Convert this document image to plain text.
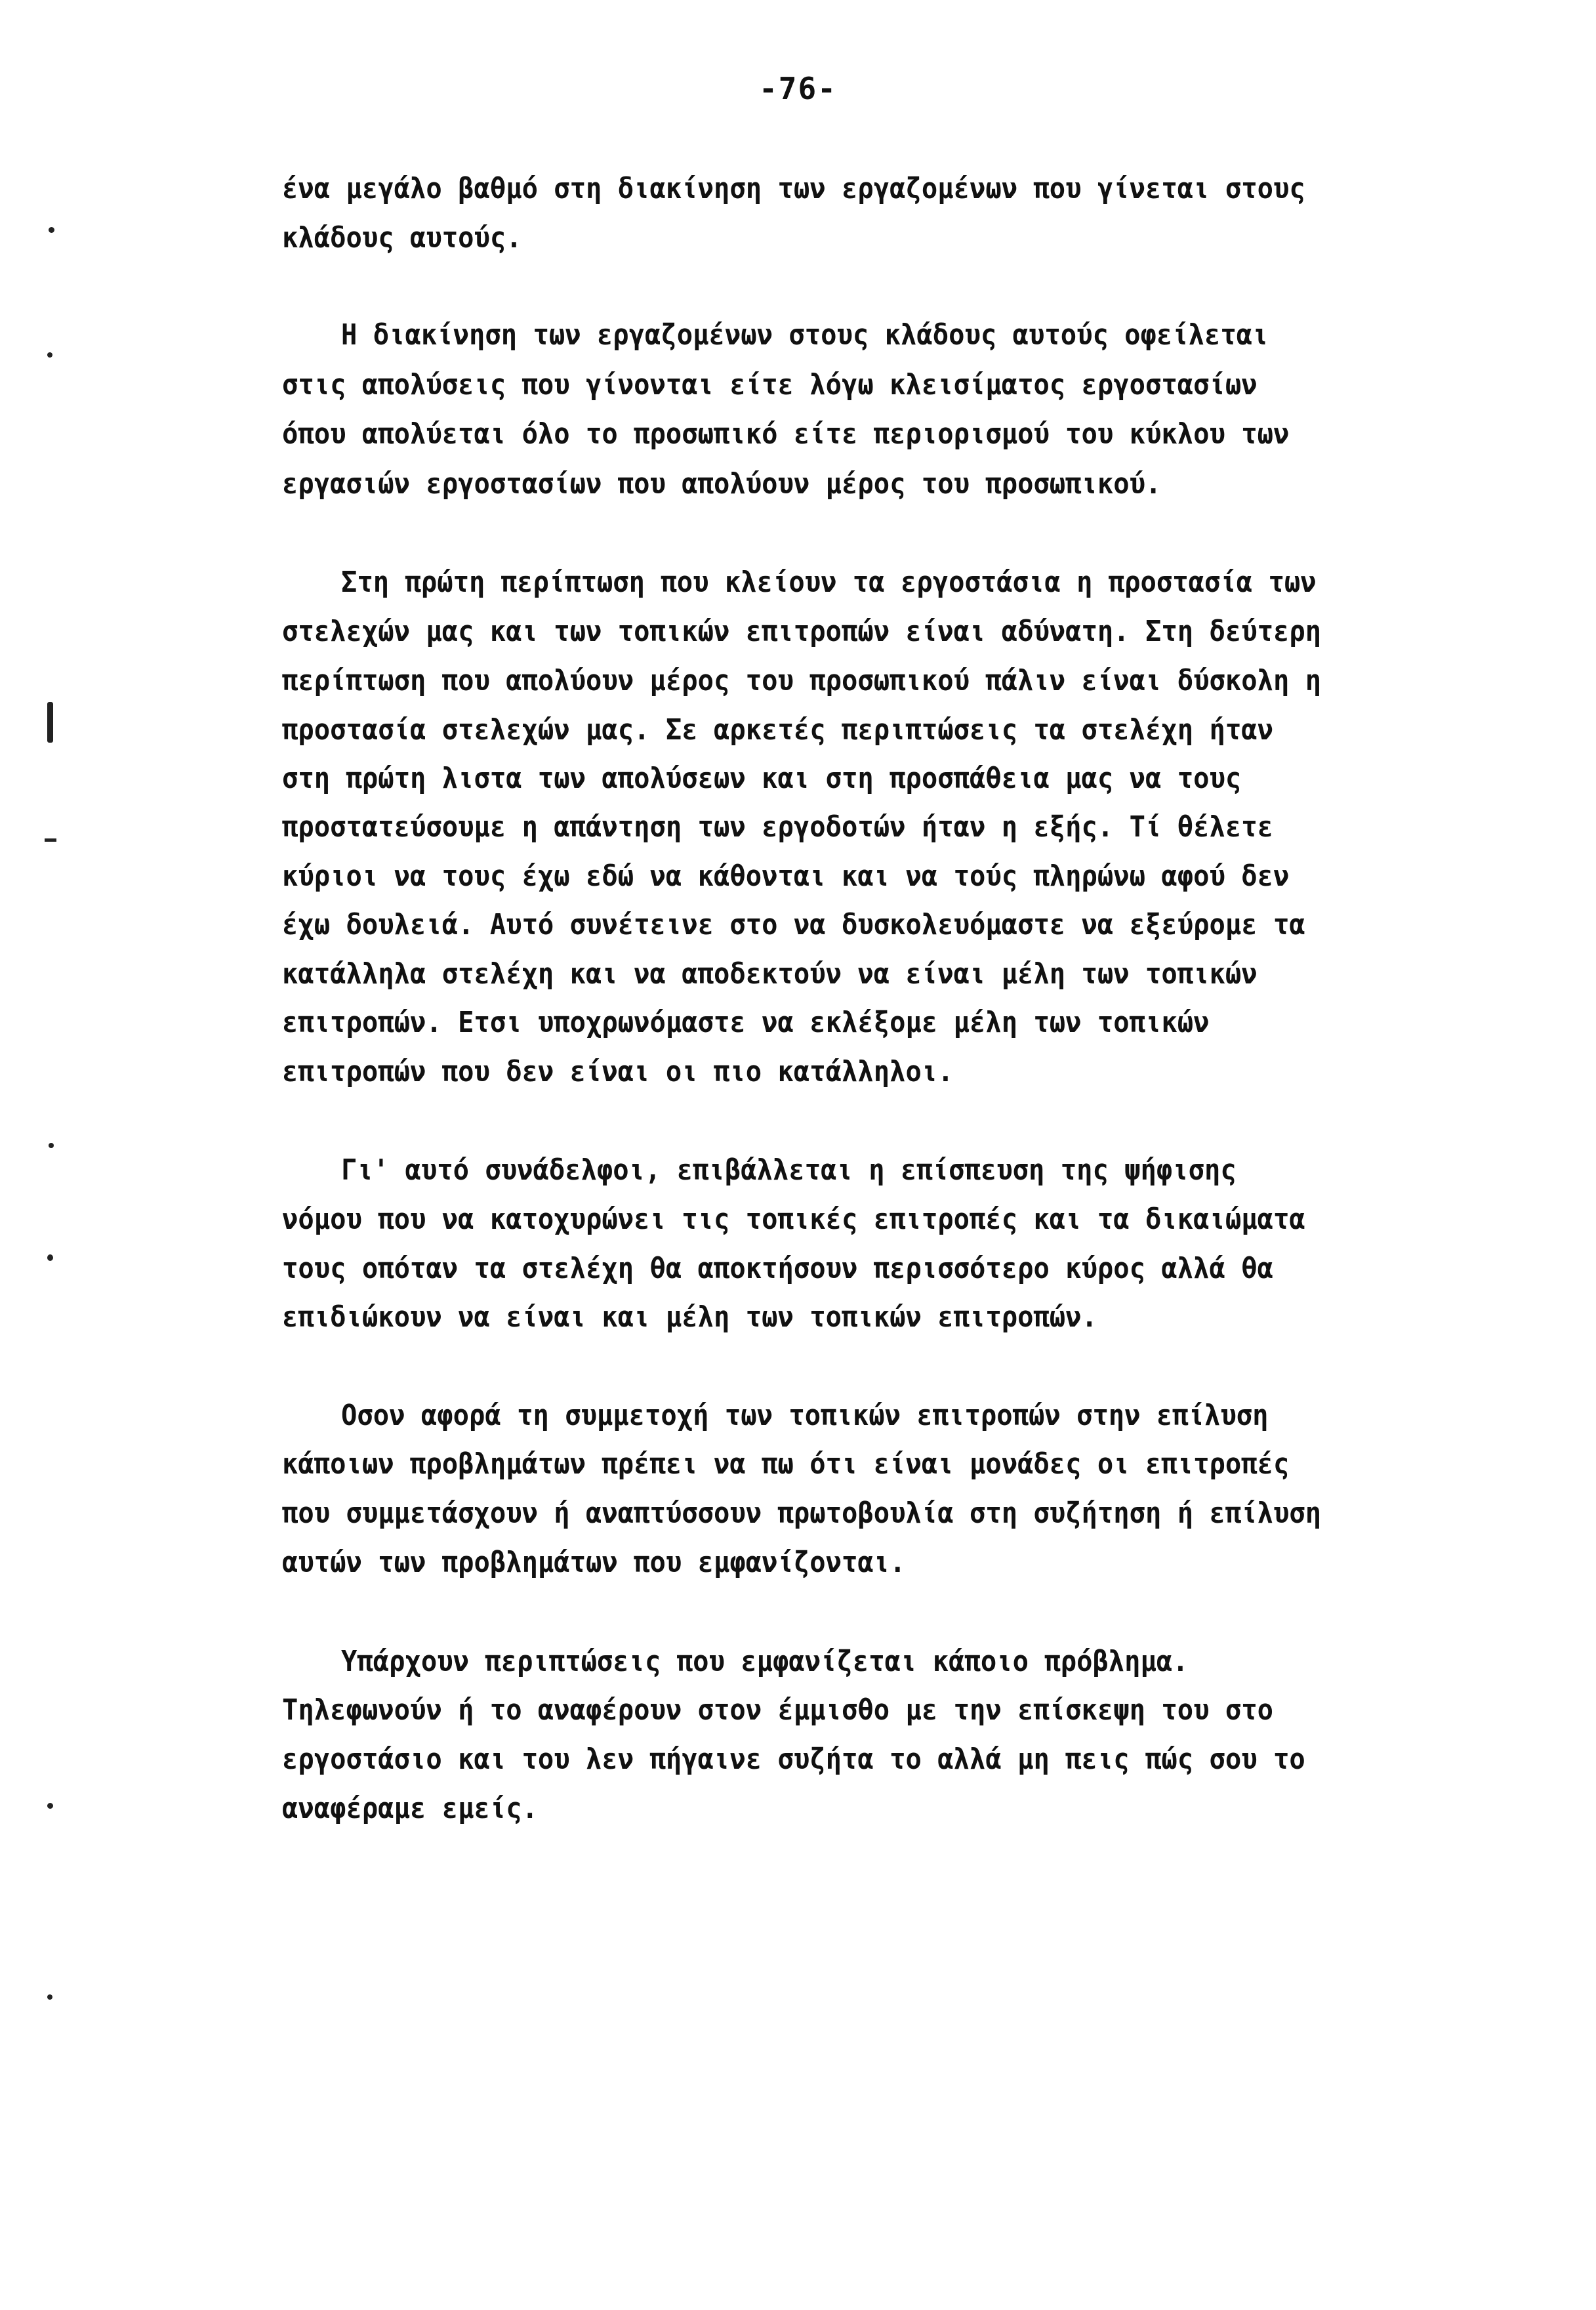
-76-
ένα μεγάλο βαθμό στη διακίνηση των εργαζομένων που γίνεται στους
κλάδους αυτούς.
Η διακίνηση των εργαζομένων στους κλάδους αυτούς οφείλεται
στις απολύσεις που γίνονται είτε λόγω κλεισίματος εργοστασίων
όπου απολύεται όλο το προσωπικό είτε περιορισμού του κύκλου των
εργασιών εργοστασίων που απολύουν μέρος του προσωπικού.
Στη πρώτη περίπτωση που κλείουν τα εργοστάσια η προστασία των
στελεχών μας και των τοπικών επιτροπών είναι αδύνατη. Στη δεύτερη
περίπτωση που απολύουν μέρος του προσωπικού πάλιν είναι δύσκολη η
προστασία στελεχών μας. Σε αρκετές περιπτώσεις τα στελέχη ήταν
στη πρώτη λιστα των απολύσεων και στη προσπάθεια μας να τους
προστατεύσουμε η απάντηση των εργοδοτών ήταν η εξής. Τί θέλετε
κύριοι να τους έχω εδώ να κάθονται και να τούς πληρώνω αφού δεν
έχω δουλειά. Αυτό συνέτεινε στο να δυσκολευόμαστε να εξεύρομε τα
κατάλληλα στελέχη και να αποδεκτούν να είναι μέλη των τοπικών
επιτροπών. Ετσι υποχρωνόμαστε να εκλέξομε μέλη των τοπικών
επιτροπών που δεν είναι οι πιο κατάλληλοι.
Γι' αυτό συνάδελφοι, επιβάλλεται η επίσπευση της ψήφισης
νόμου που να κατοχυρώνει τις τοπικές επιτροπές και τα δικαιώματα
τους οπόταν τα στελέχη θα αποκτήσουν περισσότερο κύρος αλλά θα
επιδιώκουν να είναι και μέλη των τοπικών επιτροπών.
Οσον αφορά τη συμμετοχή των τοπικών επιτροπών στην επίλυση
κάποιων προβλημάτων πρέπει να πω ότι είναι μονάδες οι επιτροπές
που συμμετάσχουν ή αναπτύσσουν πρωτοβουλία στη συζήτηση ή επίλυση
αυτών των προβλημάτων που εμφανίζονται.
Υπάρχουν περιπτώσεις που εμφανίζεται κάποιο πρόβλημα.
Τηλεφωνούν ή το αναφέρουν στον έμμισθο με την επίσκεψη του στο
εργοστάσιο και του λεν πήγαινε συζήτα το αλλά μη πεις πώς σου το
αναφέραμε εμείς.
